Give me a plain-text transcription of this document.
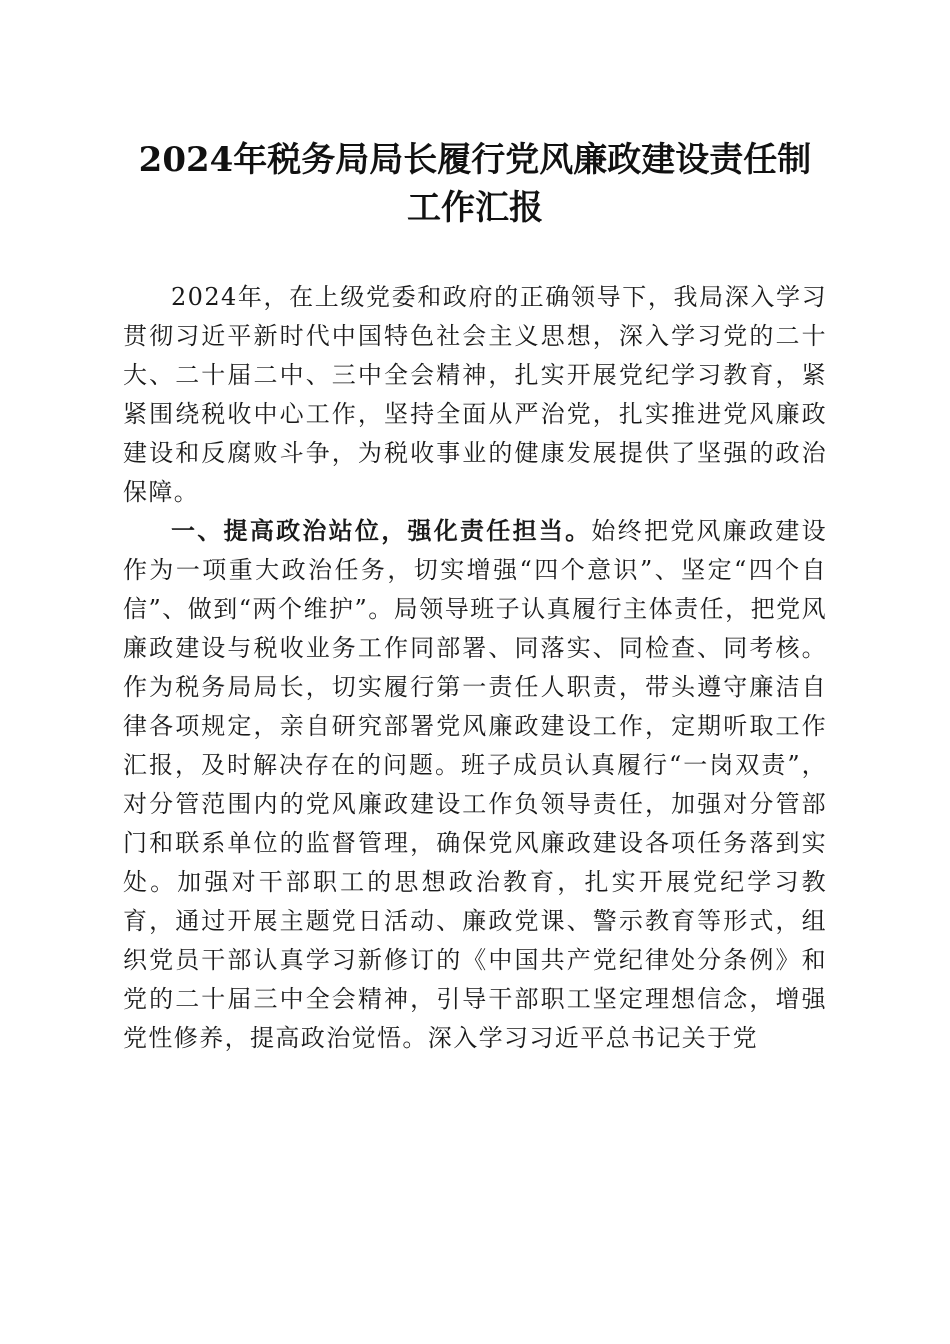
2024年税务局局长履行党风廉政建设责任制
工作汇报

2024年，在上级党委和政府的正确领导下，我局深入学习贯彻习近平新时代中国特色社会主义思想，深入学习党的二十大、二十届二中、三中全会精神，扎实开展党纪学习教育，紧紧围绕税收中心工作，坚持全面从严治党，扎实推进党风廉政建设和反腐败斗争，为税收事业的健康发展提供了坚强的政治保障。

一、提高政治站位，强化责任担当。始终把党风廉政建设作为一项重大政治任务，切实增强“四个意识”、坚定“四个自信”、做到“两个维护”。局领导班子认真履行主体责任，把党风廉政建设与税收业务工作同部署、同落实、同检查、同考核。作为税务局局长，切实履行第一责任人职责，带头遵守廉洁自律各项规定，亲自研究部署党风廉政建设工作，定期听取工作汇报，及时解决存在的问题。班子成员认真履行“一岗双责”，对分管范围内的党风廉政建设工作负领导责任，加强对分管部门和联系单位的监督管理，确保党风廉政建设各项任务落到实处。加强对干部职工的思想政治教育，扎实开展党纪学习教育，通过开展主题党日活动、廉政党课、警示教育等形式，组织党员干部认真学习新修订的《中国共产党纪律处分条例》和党的二十届三中全会精神，引导干部职工坚定理想信念，增强党性修养，提高政治觉悟。深入学习习近平总书记关于党
